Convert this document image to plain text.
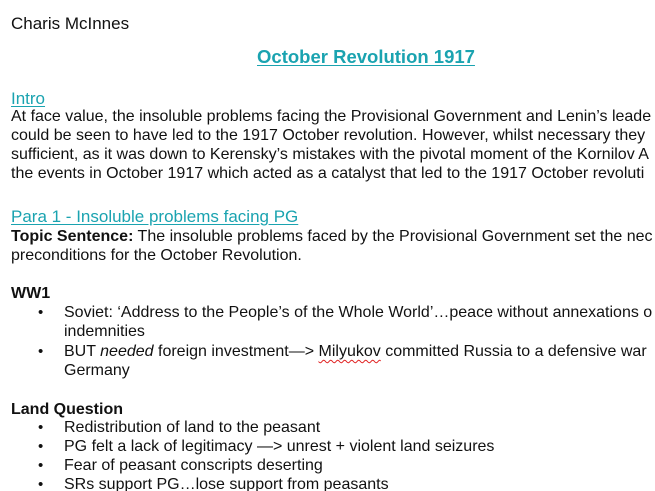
Charis McInnes
October Revolution 1917
Intro
At face value, the insoluble problems facing the Provisional Government and Lenin’s leade
could be seen to have led to the 1917 October revolution. However, whilst necessary they
sufficient, as it was down to Kerensky’s mistakes with the pivotal moment of the Kornilov A
the events in October 1917 which acted as a catalyst that led to the 1917 October revoluti
Para 1 - Insoluble problems facing PG
Topic Sentence: The insoluble problems faced by the Provisional Government set the nec
preconditions for the October Revolution.
WW1
• Soviet: ‘Address to the People’s of the Whole World’…peace without annexations o
indemnities
• BUT needed foreign investment—> Milyukov committed Russia to a defensive war
Germany
Land Question
• Redistribution of land to the peasant
• PG felt a lack of legitimacy —> unrest + violent land seizures
• Fear of peasant conscripts deserting
• SRs support PG…lose support from peasants
